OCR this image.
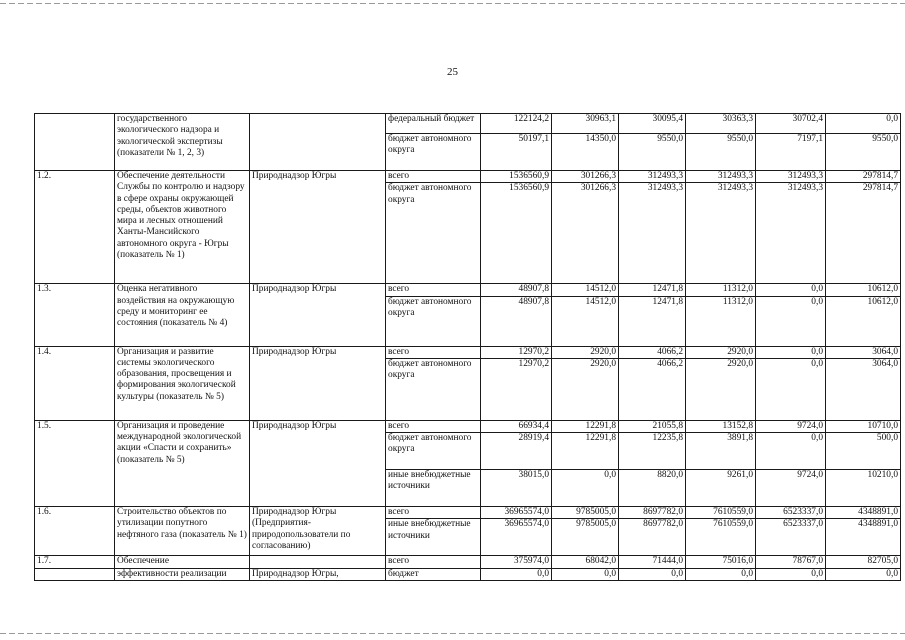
25
	государственного экологического надзора и экологической экспертизы (показатели № 1, 2, 3)		федеральный бюджет	122124,2	30963,1	30095,4	30363,3	30702,4	0,0
			бюджет автономного округа	50197,1	14350,0	9550,0	9550,0	7197,1	9550,0
1.2.	Обеспечение деятельности Службы по контролю и надзору в сфере охраны окружающей среды, объектов животного мира и лесных отношений Ханты-Мансийского автономного округа - Югры (показатель № 1)	Природнадзор Югры	всего	1536560,9	301266,3	312493,3	312493,3	312493,3	297814,7
			бюджет автономного округа	1536560,9	301266,3	312493,3	312493,3	312493,3	297814,7
1.3.	Оценка негативного воздействия на окружающую среду и мониторинг ее состояния (показатель № 4)	Природнадзор Югры	всего	48907,8	14512,0	12471,8	11312,0	0,0	10612,0
			бюджет автономного округа	48907,8	14512,0	12471,8	11312,0	0,0	10612,0
1.4.	Организация и развитие системы экологического образования, просвещения и формирования экологической культуры (показатель № 5)	Природнадзор Югры	всего	12970,2	2920,0	4066,2	2920,0	0,0	3064,0
			бюджет автономного округа	12970,2	2920,0	4066,2	2920,0	0,0	3064,0
1.5.	Организация и проведение международной экологической акции «Спасти и сохранить» (показатель № 5)	Природнадзор Югры	всего	66934,4	12291,8	21055,8	13152,8	9724,0	10710,0
			бюджет автономного округа	28919,4	12291,8	12235,8	3891,8	0,0	500,0
			иные внебюджетные источники	38015,0	0,0	8820,0	9261,0	9724,0	10210,0
1.6.	Строительство объектов по утилизации попутного нефтяного газа (показатель № 1)	Природнадзор Югры (Предприятия-природопользователи по согласованию)	всего	36965574,0	9785005,0	8697782,0	7610559,0	6523337,0	4348891,0
			иные внебюджетные источники	36965574,0	9785005,0	8697782,0	7610559,0	6523337,0	4348891,0
1.7.	Обеспечение		всего	375974,0	68042,0	71444,0	75016,0	78767,0	82705,0
	эффективности реализации	Природнадзор Югры,	бюджет	0,0	0,0	0,0	0,0	0,0	0,0
